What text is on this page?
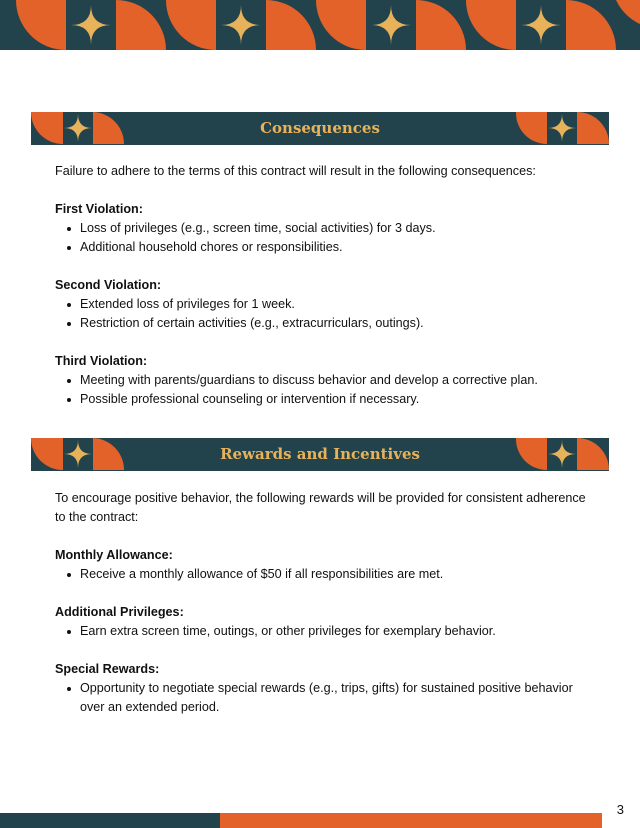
Consequences

Failure to adhere to the terms of this contract will result in the following consequences:

First Violation:

Loss of privileges (e.g., screen time, social activities) for 3 days.
Additional household chores or responsibilities.

Second Violation:

Extended loss of privileges for 1 week.
Restriction of certain activities (e.g., extracurriculars, outings).

Third Violation:

Meeting with parents/guardians to discuss behavior and develop a corrective plan.
Possible professional counseling or intervention if necessary.
Rewards and Incentives

To encourage positive behavior, the following rewards will be provided for consistent adherence to the contract:

Monthly Allowance:

Receive a monthly allowance of $50 if all responsibilities are met.

Additional Privileges:

Earn extra screen time, outings, or other privileges for exemplary behavior.

Special Rewards:

Opportunity to negotiate special rewards (e.g., trips, gifts) for sustained positive behavior over an extended period.
3
